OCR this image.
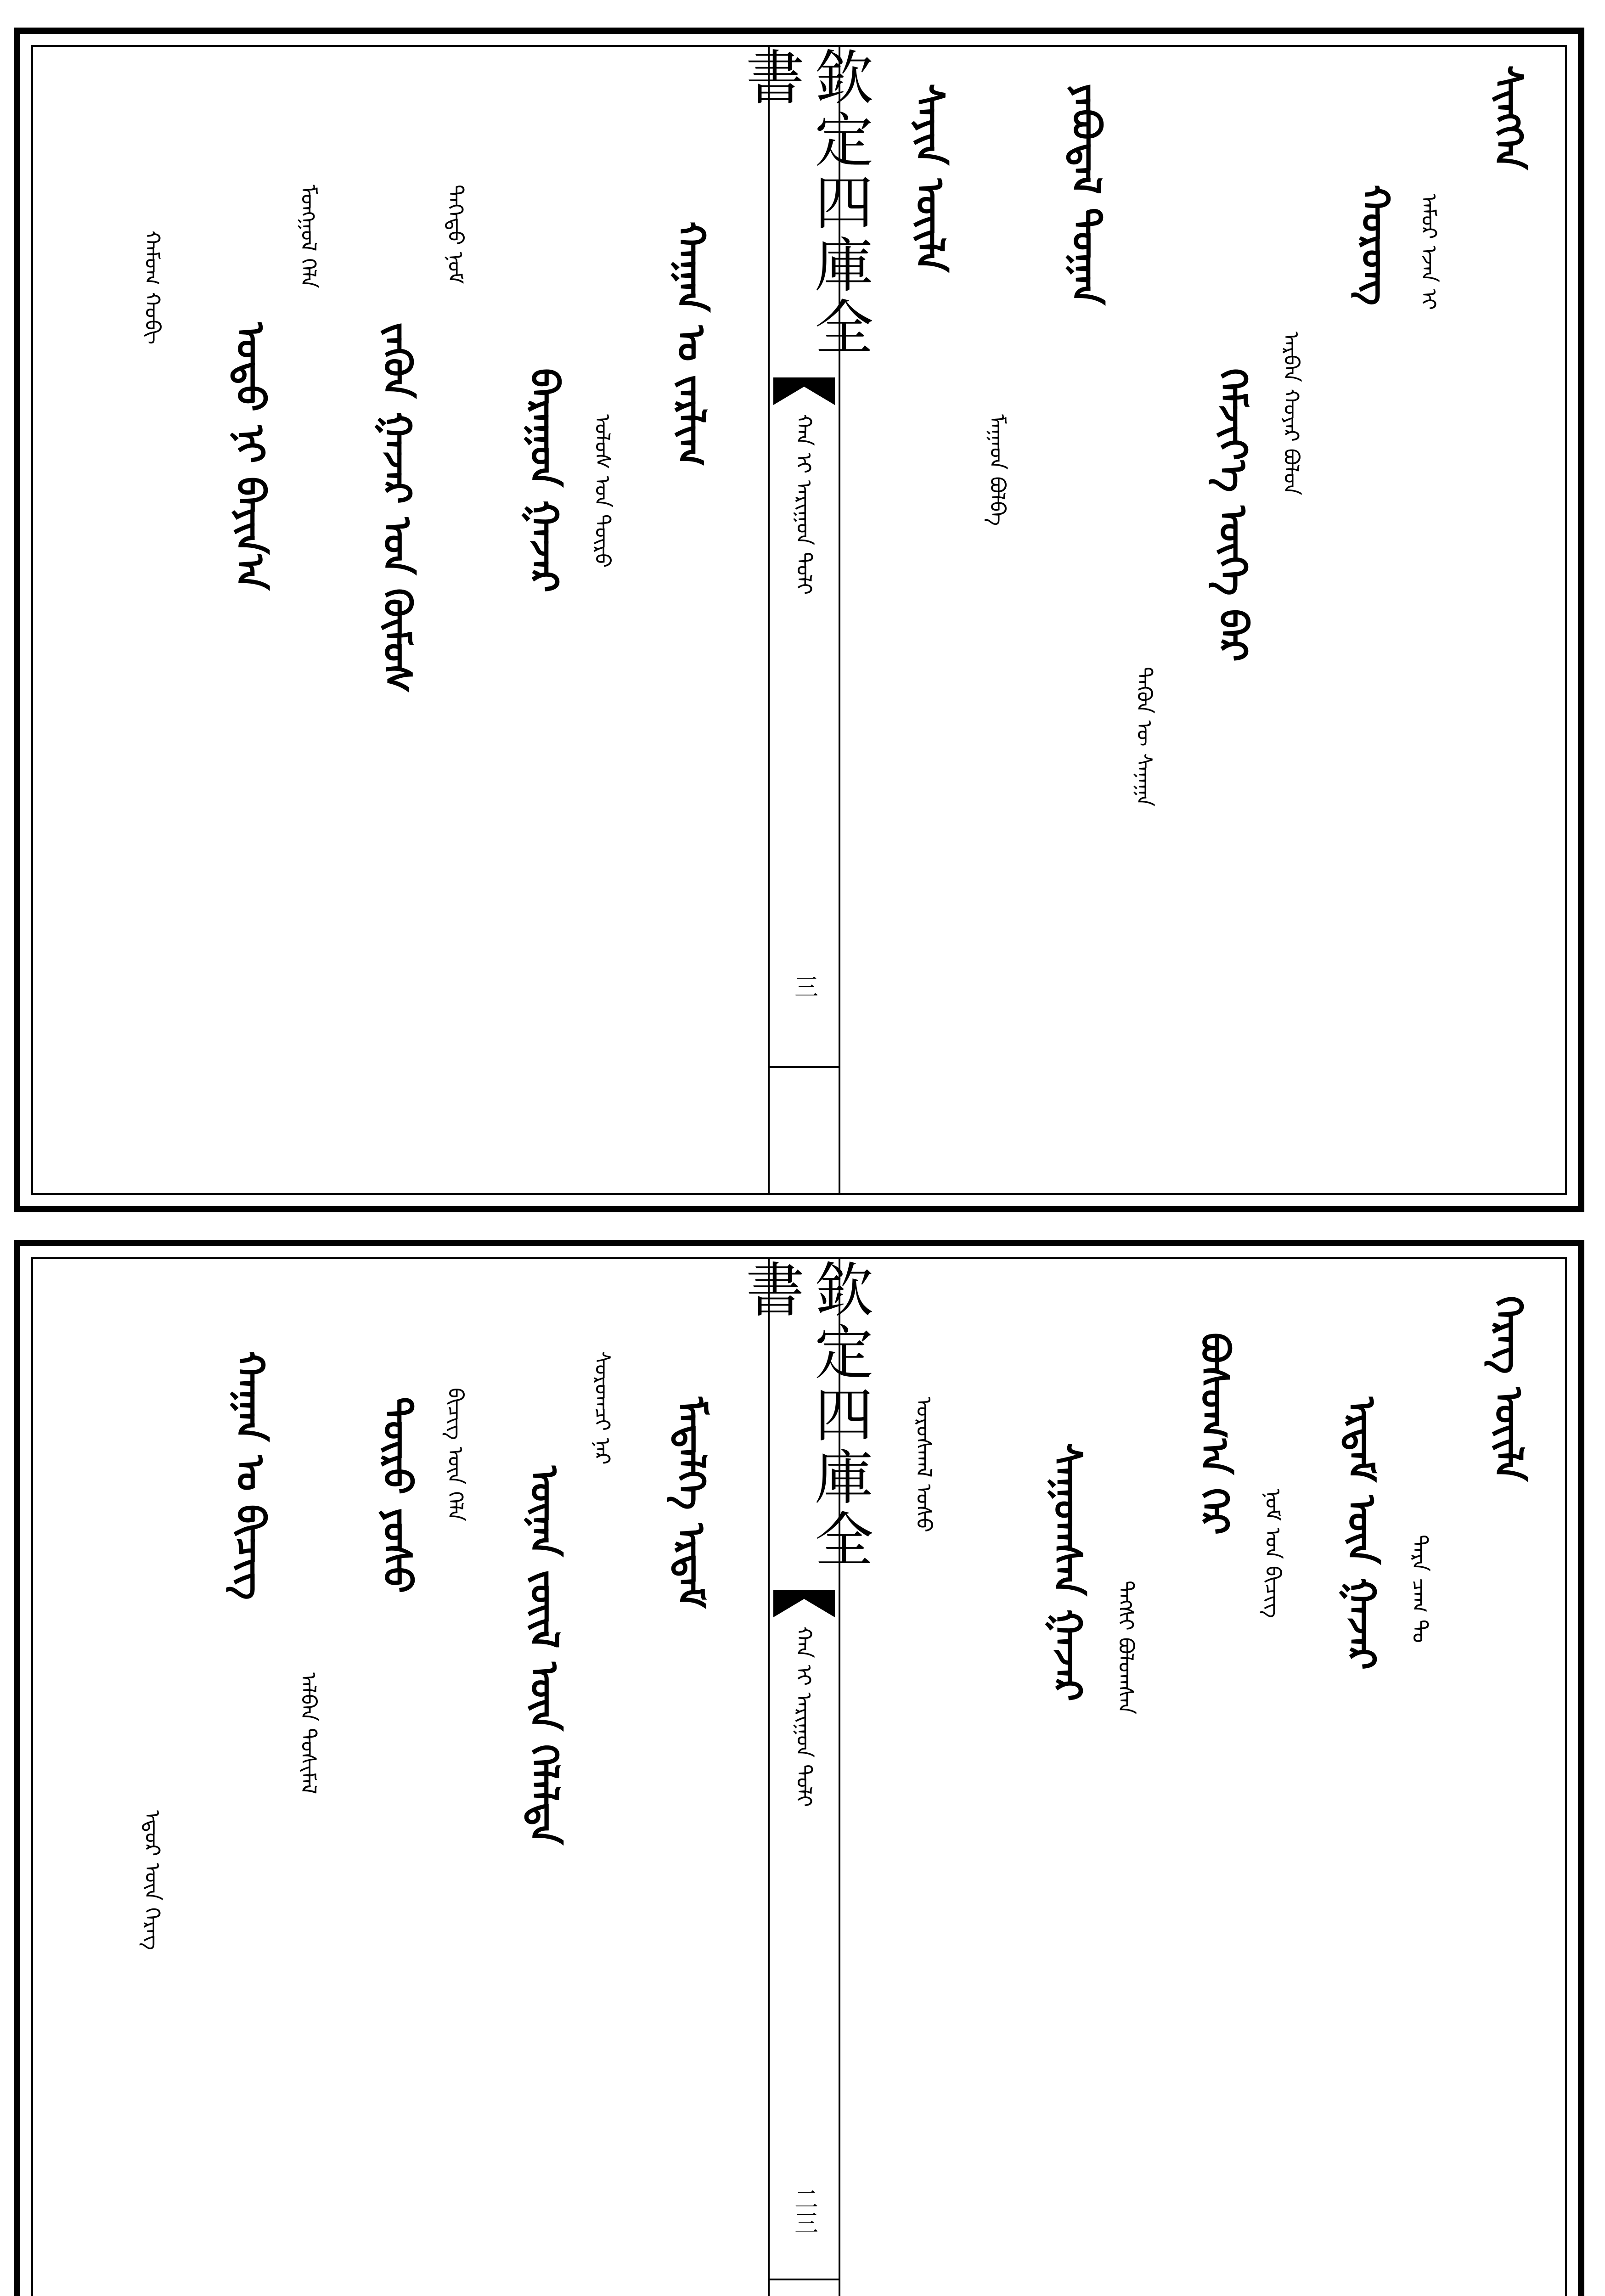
欽定四庫全書
ᠬᠠᠨ ᠢ ᠠᠷᠢᠭᠤᠨ ᠲᠣᠯᠢ
三
ᠰᠢᠩᠭᠡᠨ
ᠠᠮᠤᠷ ᠡᠵᠡᠨ ᠢ
ᠬᠤᠷᠤᠩ
ᠠᠷᠪᠠᠨ ᠬᠣᠶᠠᠷ ᠪᠣᠯᠤᠨ
ᠬᠡᠮᠵᠢᠶ᠎ᠡ ᠦᠭᠡ ᠪᠠᠷ
ᠲᠡᠭᠦᠨ ᠦ ᠰᠠᠨᠠᠭᠠ
ᠶᠠᠪᠤᠳᠠᠯ ᠲᠣᠭᠠᠨ
ᠮᠠᠭᠠᠳ ᠪᠣᠯᠪᠠ
ᠰᠠᠶᠢᠨ ᠦᠢᠯᠡ
ᠬᠠᠭᠠᠨ ᠤ ᠵᠠᠷᠯᠢᠭ
ᠤᠯᠤᠰ ᠤᠨ ᠲᠥᠷᠦ
ᠪᠠᠷᠠᠭᠤᠨ ᠭᠠᠵᠠᠷ
ᠳᠡᠭᠡᠳᠦ ᠨᠣᠮ
ᠵᠡᠭᠦᠨ ᠭᠠᠵᠠᠷ ᠤᠨ ᠬᠦᠮᠦᠰ
ᠮᠣᠩᠭᠣᠯ ᠬᠡᠯᠡ
ᠣᠳᠣ ᠨᠢ ᠪᠠᠶᠢᠨ᠎ᠠ
ᠬᠠᠮᠤᠭ ᠬᠤᠪᠢ
欽定四庫全書
ᠬᠠᠨ ᠢ ᠠᠷᠢᠭᠤᠨ ᠲᠣᠯᠢ
二三
ᠬᠡᠷᠡᠭ ᠦᠢᠯᠡ
ᠲᠡᠷᠡ ᠴᠠᠭ ᠲᠤ
ᠡᠷᠳᠡᠮ ᠦᠨ ᠭᠠᠵᠠᠷ
ᠨᠣᠮ ᠤᠨ ᠪᠢᠴᠢᠭ
ᠪᠣᠰᠤᠭ᠎ᠠ ᠭᠡᠷ
ᠲᠡᠭᠰᠢ ᠪᠣᠯᠤᠭᠰᠠᠨ
ᠰᠠᠭᠤᠭᠰᠠᠨ ᠭᠠᠵᠠᠷ
ᠤᠷᠤᠰᠬᠠᠯ ᠤᠰᠤ
ᠮᠡᠳᠡᠯᠭᠡ ᠡᠷᠳᠡᠮ
ᠰᠤᠷᠤᠭᠴᠢ ᠨᠠᠷ
ᠦᠨᠡᠨ ᠵᠦᠢᠯ ᠦᠨ ᠬᠡᠯᠡᠯᠲᠡ
ᠪᠢᠴᠢᠭ ᠦᠨ ᠬᠡᠯᠡ
ᠲᠦᠷᠦ ᠶᠣᠰᠤ
ᠠᠯᠪᠠᠨ ᠲᠤᠰᠢᠮᠡᠯ
ᠬᠠᠭᠠᠨ ᠤ ᠪᠢᠴᠢᠭ
ᠡᠳᠦᠷ ᠦᠨ ᠬᠡᠷᠡᠭ
